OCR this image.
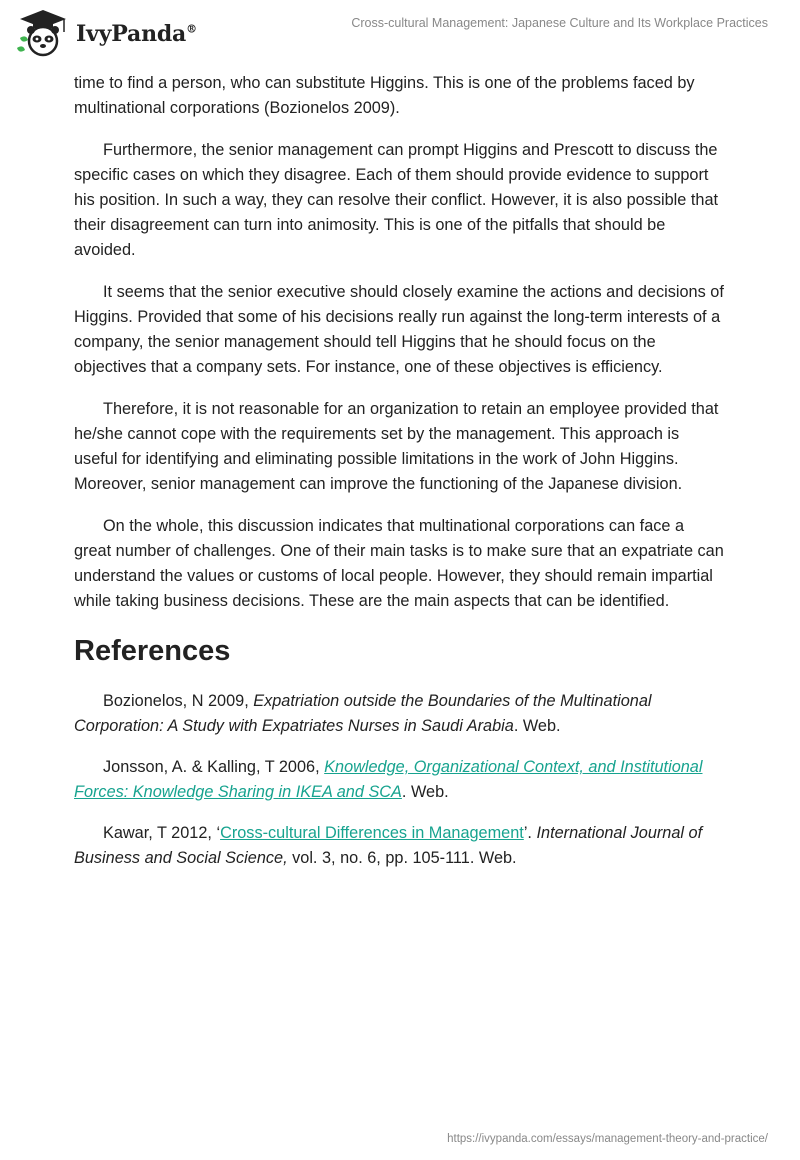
IvyPanda®	Cross-cultural Management: Japanese Culture and Its Workplace Practices

time to find a person, who can substitute Higgins. This is one of the problems faced by multinational corporations (Bozionelos 2009).

Furthermore, the senior management can prompt Higgins and Prescott to discuss the specific cases on which they disagree. Each of them should provide evidence to support his position. In such a way, they can resolve their conflict. However, it is also possible that their disagreement can turn into animosity. This is one of the pitfalls that should be avoided.

It seems that the senior executive should closely examine the actions and decisions of Higgins. Provided that some of his decisions really run against the long-term interests of a company, the senior management should tell Higgins that he should focus on the objectives that a company sets. For instance, one of these objectives is efficiency.

Therefore, it is not reasonable for an organization to retain an employee provided that he/she cannot cope with the requirements set by the management. This approach is useful for identifying and eliminating possible limitations in the work of John Higgins. Moreover, senior management can improve the functioning of the Japanese division.

On the whole, this discussion indicates that multinational corporations can face a great number of challenges. One of their main tasks is to make sure that an expatriate can understand the values or customs of local people. However, they should remain impartial while taking business decisions. These are the main aspects that can be identified.

References

Bozionelos, N 2009, Expatriation outside the Boundaries of the Multinational Corporation: A Study with Expatriates Nurses in Saudi Arabia. Web.

Jonsson, A. & Kalling, T 2006, Knowledge, Organizational Context, and Institutional Forces: Knowledge Sharing in IKEA and SCA. Web.

Kawar, T 2012, ‘Cross-cultural Differences in Management’. International Journal of Business and Social Science, vol. 3, no. 6, pp. 105-111. Web.

https://ivypanda.com/essays/management-theory-and-practice/
